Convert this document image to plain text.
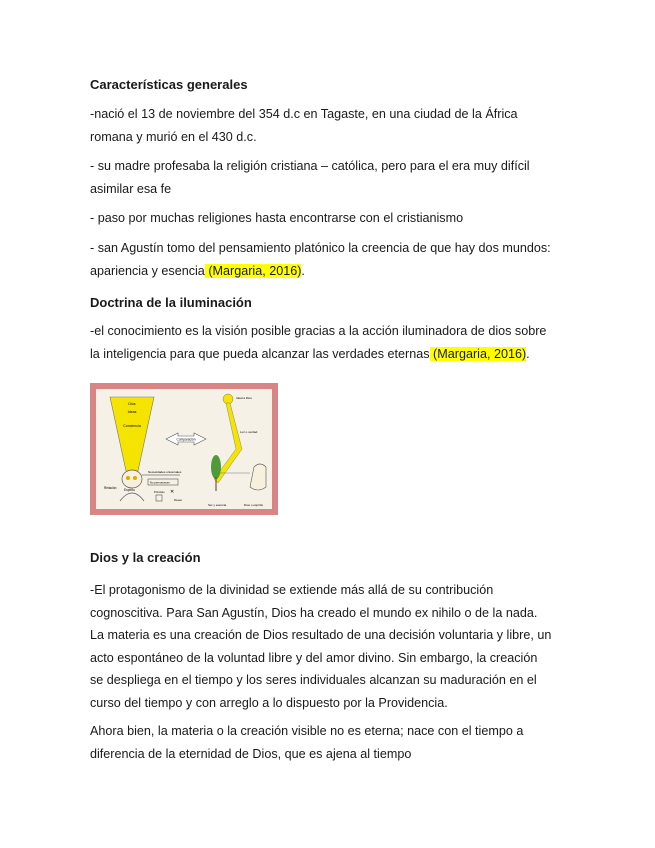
Características generales
-nació el 13 de noviembre del 354 d.c en Tagaste, en una ciudad de la África
romana y murió en el 430 d.c.
- su madre profesaba la religión cristiana – católica, pero para el era muy difícil
asimilar esa fe
- paso por muchas religiones hasta encontrarse con el cristianismo
- san Agustín tomo del pensamiento platónico la creencia de que hay dos mundos:
apariencia y esencia (Margaria, 2016).
Doctrina de la iluminación
-el conocimiento es la visión posible gracias a la acción iluminadora de dios sobre
la inteligencia para que pueda alcanzar las verdades eternas (Margaria, 2016).
Dios
Ideas
Conciencia
Relación Espíritu
Necesidades universales
No permanecen
Principio ✕
Deseo
Comparación
Ideal a Dios
Luz o verdad
Ser y esencia	Dios o espíritu
Dios y la creación
-El protagonismo de la divinidad se extiende más allá de su contribución
cognoscitiva. Para San Agustín, Dios ha creado el mundo ex nihilo o de la nada.
La materia es una creación de Dios resultado de una decisión voluntaria y libre, un
acto espontáneo de la voluntad libre y del amor divino. Sin embargo, la creación
se despliega en el tiempo y los seres individuales alcanzan su maduración en el
curso del tiempo y con arreglo a lo dispuesto por la Providencia.
Ahora bien, la materia o la creación visible no es eterna; nace con el tiempo a
diferencia de la eternidad de Dios, que es ajena al tiempo
